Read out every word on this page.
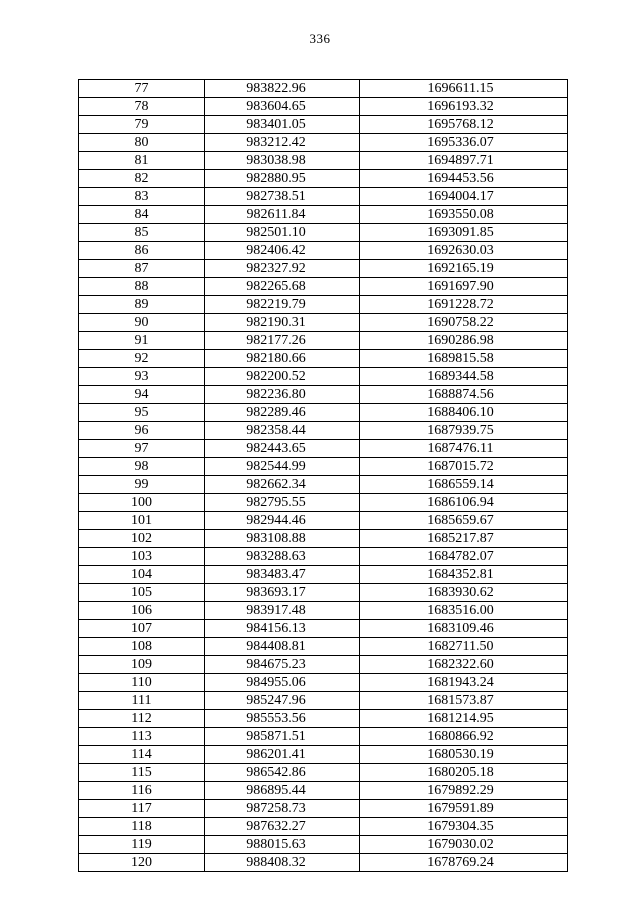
336
77	983822.96	1696611.15
78	983604.65	1696193.32
79	983401.05	1695768.12
80	983212.42	1695336.07
81	983038.98	1694897.71
82	982880.95	1694453.56
83	982738.51	1694004.17
84	982611.84	1693550.08
85	982501.10	1693091.85
86	982406.42	1692630.03
87	982327.92	1692165.19
88	982265.68	1691697.90
89	982219.79	1691228.72
90	982190.31	1690758.22
91	982177.26	1690286.98
92	982180.66	1689815.58
93	982200.52	1689344.58
94	982236.80	1688874.56
95	982289.46	1688406.10
96	982358.44	1687939.75
97	982443.65	1687476.11
98	982544.99	1687015.72
99	982662.34	1686559.14
100	982795.55	1686106.94
101	982944.46	1685659.67
102	983108.88	1685217.87
103	983288.63	1684782.07
104	983483.47	1684352.81
105	983693.17	1683930.62
106	983917.48	1683516.00
107	984156.13	1683109.46
108	984408.81	1682711.50
109	984675.23	1682322.60
110	984955.06	1681943.24
111	985247.96	1681573.87
112	985553.56	1681214.95
113	985871.51	1680866.92
114	986201.41	1680530.19
115	986542.86	1680205.18
116	986895.44	1679892.29
117	987258.73	1679591.89
118	987632.27	1679304.35
119	988015.63	1679030.02
120	988408.32	1678769.24
